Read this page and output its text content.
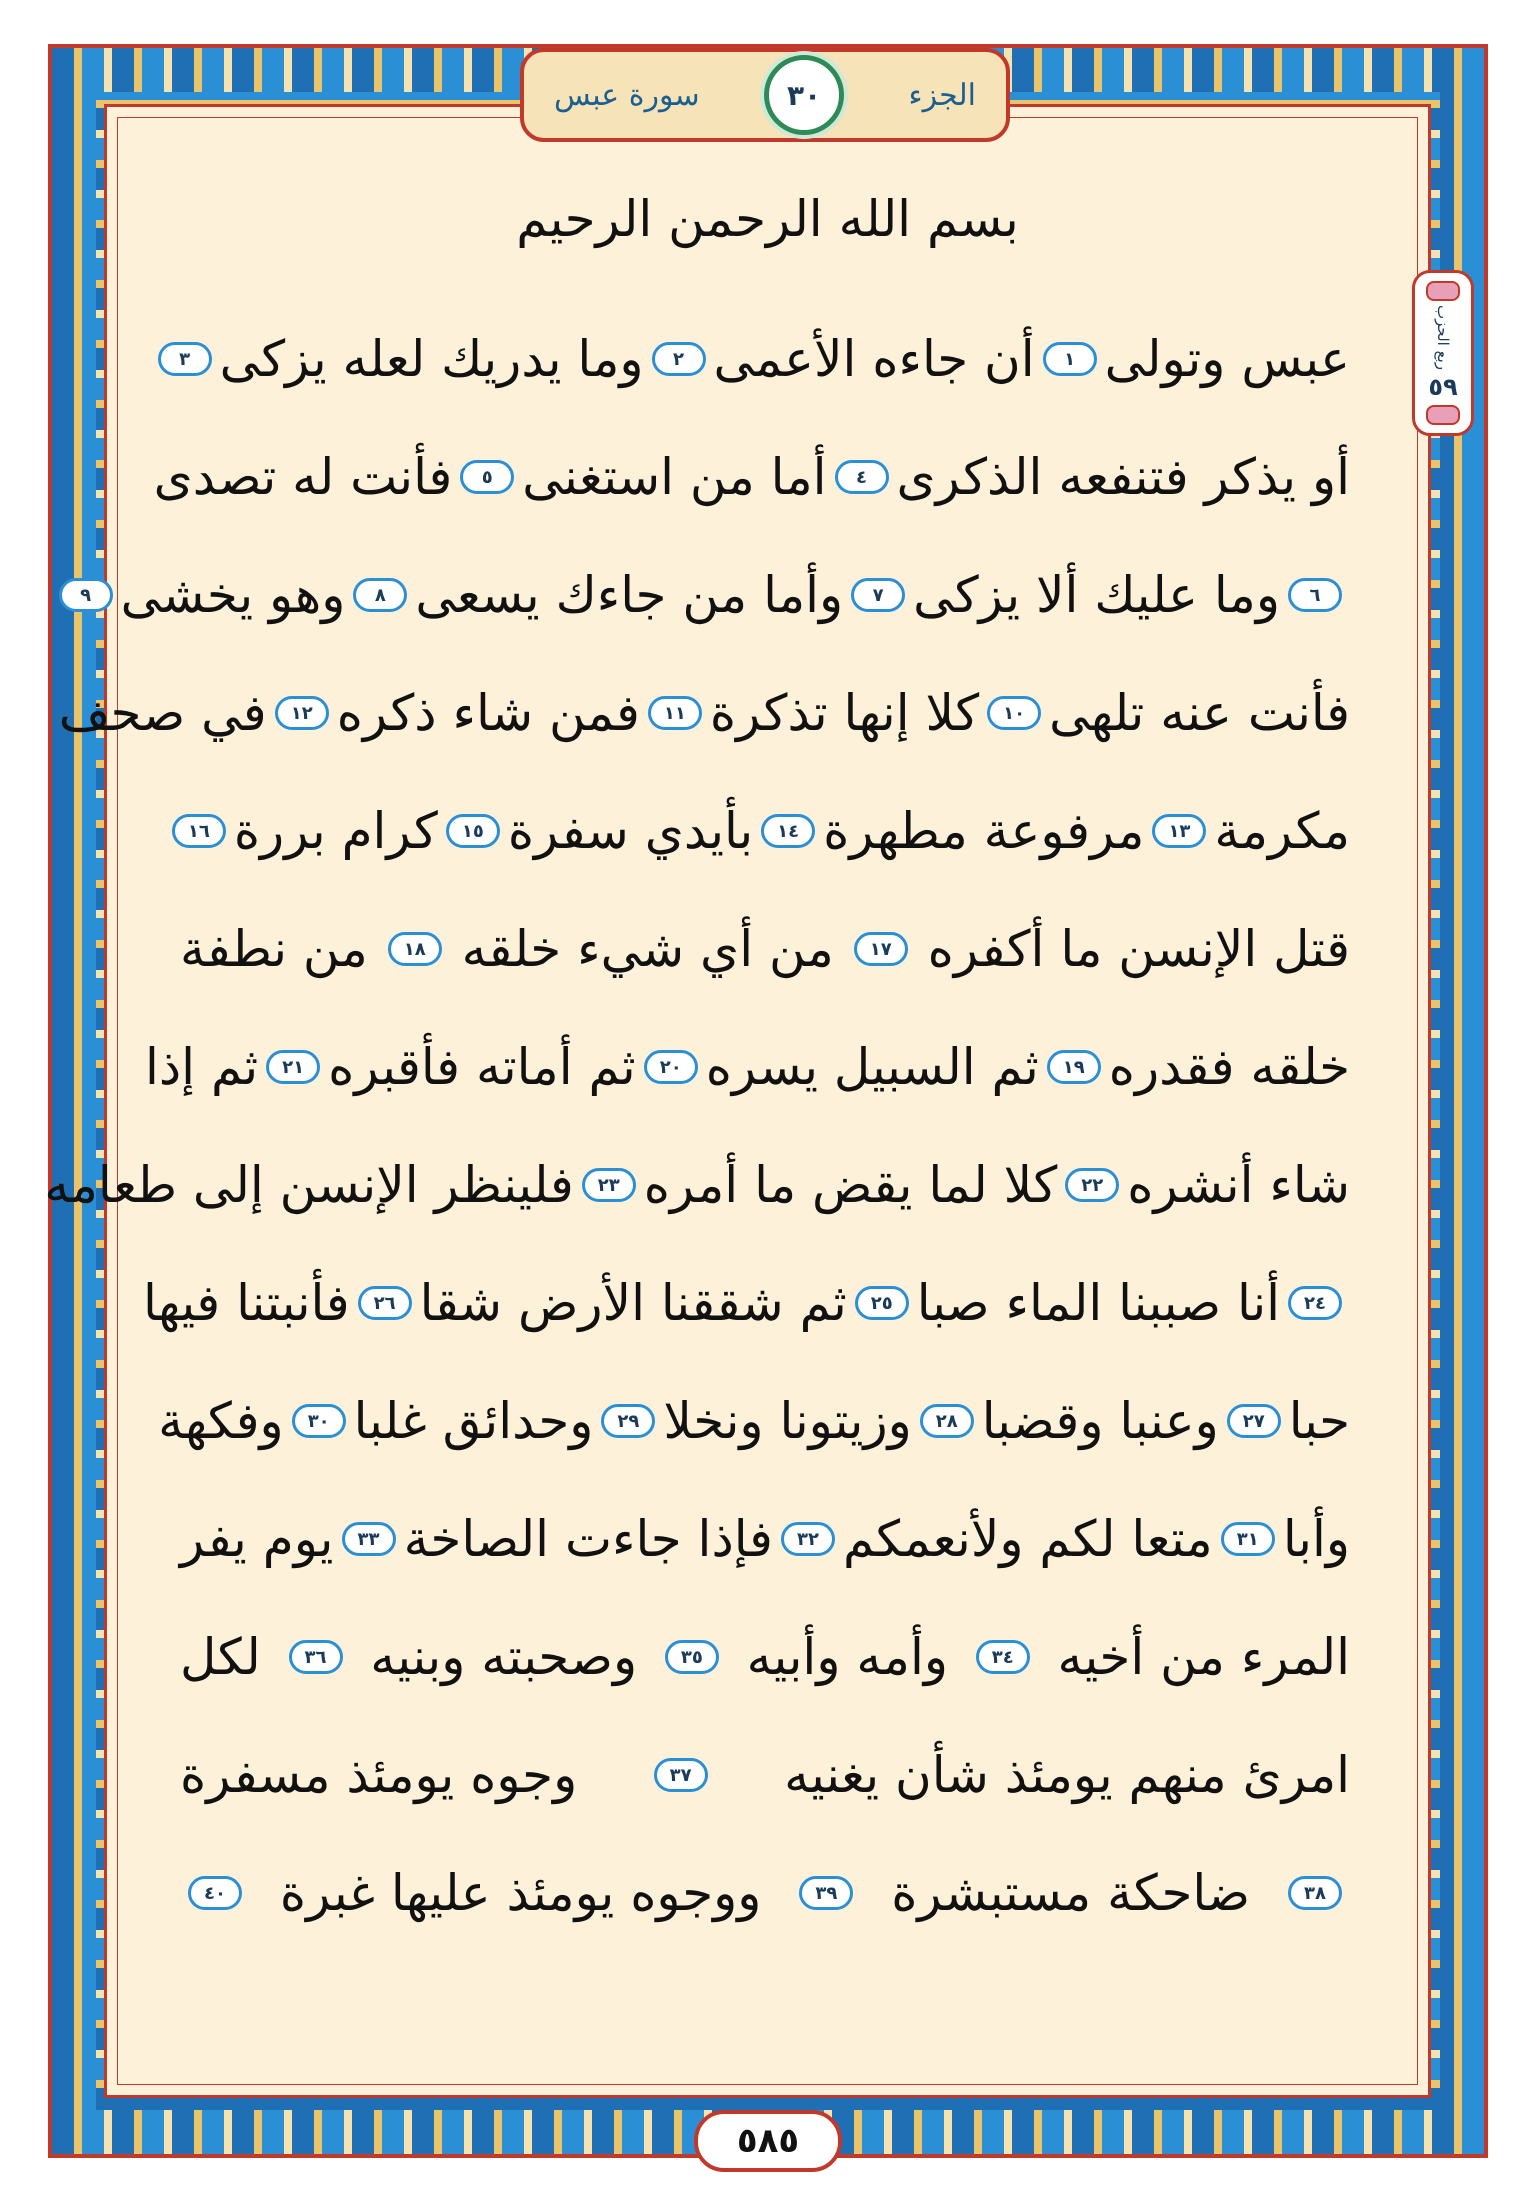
سورة عبس	٣٠	الجزء
ربع الحزب
٥٩
بسم الله الرحمن الرحيم
عبس وتولى
١
أن جاءه الأعمى
٢
وما يدريك لعله يزكى
٣
أو يذكر فتنفعه الذكرى
٤
أما من استغنى
٥
فأنت له تصدى
٦
وما عليك ألا يزكى
٧
وأما من جاءك يسعى
٨
وهو يخشى
٩
فأنت عنه تلهى
١٠
كلا إنها تذكرة
١١
فمن شاء ذكره
١٢
في صحف
مكرمة
١٣
مرفوعة مطهرة
١٤
بأيدي سفرة
١٥
كرام بررة
١٦
قتل الإنسن ما أكفره
١٧
من أي شيء خلقه
١٨
من نطفة
خلقه فقدره
١٩
ثم السبيل يسره
٢٠
ثم أماته فأقبره
٢١
ثم إذا
شاء أنشره
٢٢
كلا لما يقض ما أمره
٢٣
فلينظر الإنسن إلى طعامه
٢٤
أنا صببنا الماء صبا
٢٥
ثم شققنا الأرض شقا
٢٦
فأنبتنا فيها
حبا
٢٧
وعنبا وقضبا
٢٨
وزيتونا ونخلا
٢٩
وحدائق غلبا
٣٠
وفكهة
وأبا
٣١
متعا لكم ولأنعمكم
٣٢
فإذا جاءت الصاخة
٣٣
يوم يفر
المرء من أخيه
٣٤
وأمه وأبيه
٣٥
وصحبته وبنيه
٣٦
لكل
امرئ منهم يومئذ شأن يغنيه
٣٧
وجوه يومئذ مسفرة
٣٨
ضاحكة مستبشرة
٣٩
ووجوه يومئذ عليها غبرة
٤٠
٥٨٥
